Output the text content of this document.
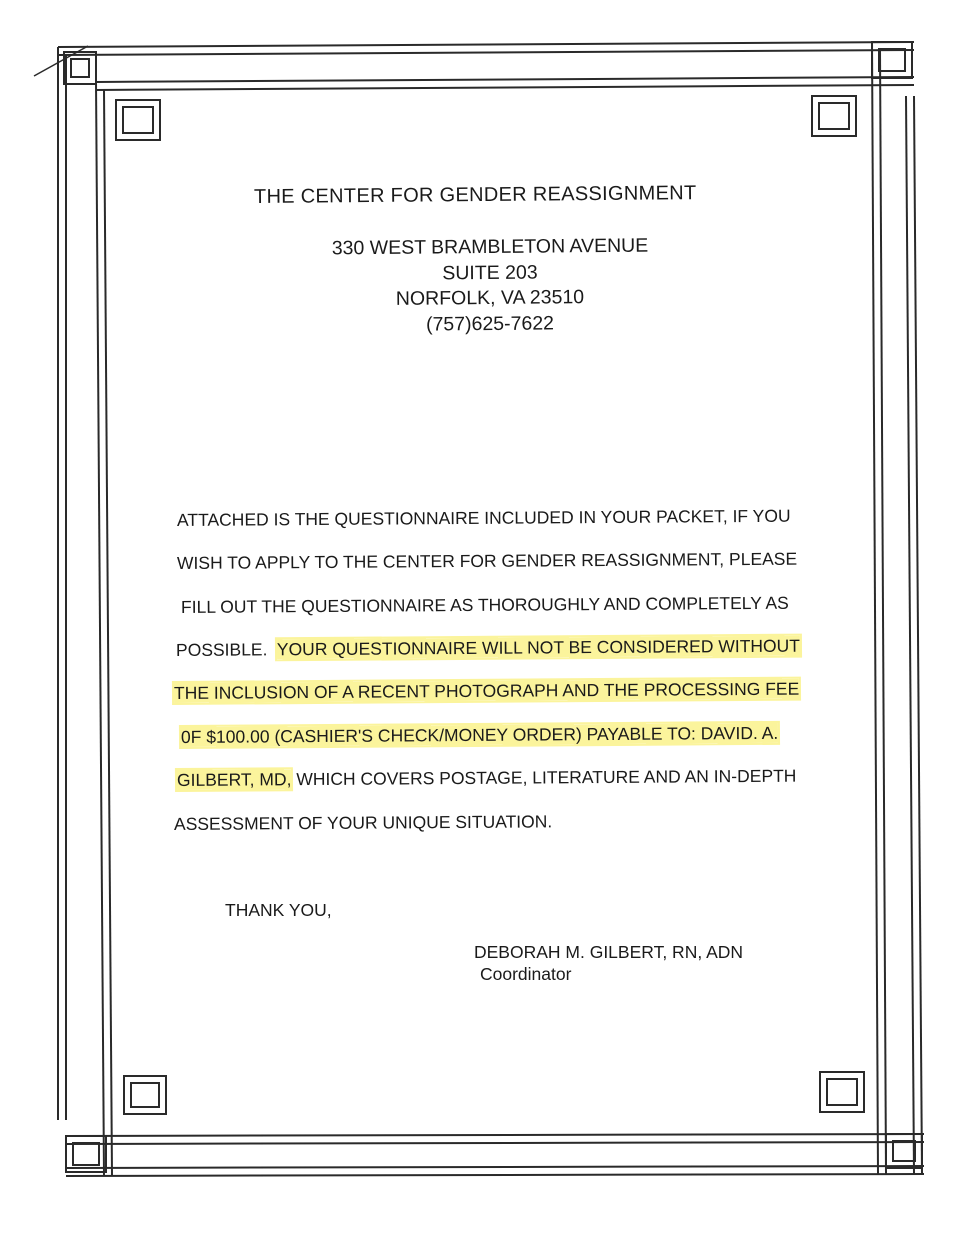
THE CENTER FOR GENDER REASSIGNMENT
330 WEST BRAMBLETON AVENUE
SUITE 203
NORFOLK, VA 23510
(757)625-7622
ATTACHED IS THE QUESTIONNAIRE INCLUDED IN YOUR PACKET, IF YOU
WISH TO APPLY TO THE CENTER FOR GENDER REASSIGNMENT, PLEASE
FILL OUT THE QUESTIONNAIRE AS THOROUGHLY AND COMPLETELY AS
POSSIBLE. YOUR QUESTIONNAIRE WILL NOT BE CONSIDERED WITHOUT
THE INCLUSION OF A RECENT PHOTOGRAPH AND THE PROCESSING FEE
0F $100.00 (CASHIER'S CHECK/MONEY ORDER) PAYABLE TO: DAVID. A.
GILBERT, MD, WHICH COVERS POSTAGE, LITERATURE AND AN IN-DEPTH
ASSESSMENT OF YOUR UNIQUE SITUATION.
THANK YOU,
DEBORAH M. GILBERT, RN, ADN
Coordinator
